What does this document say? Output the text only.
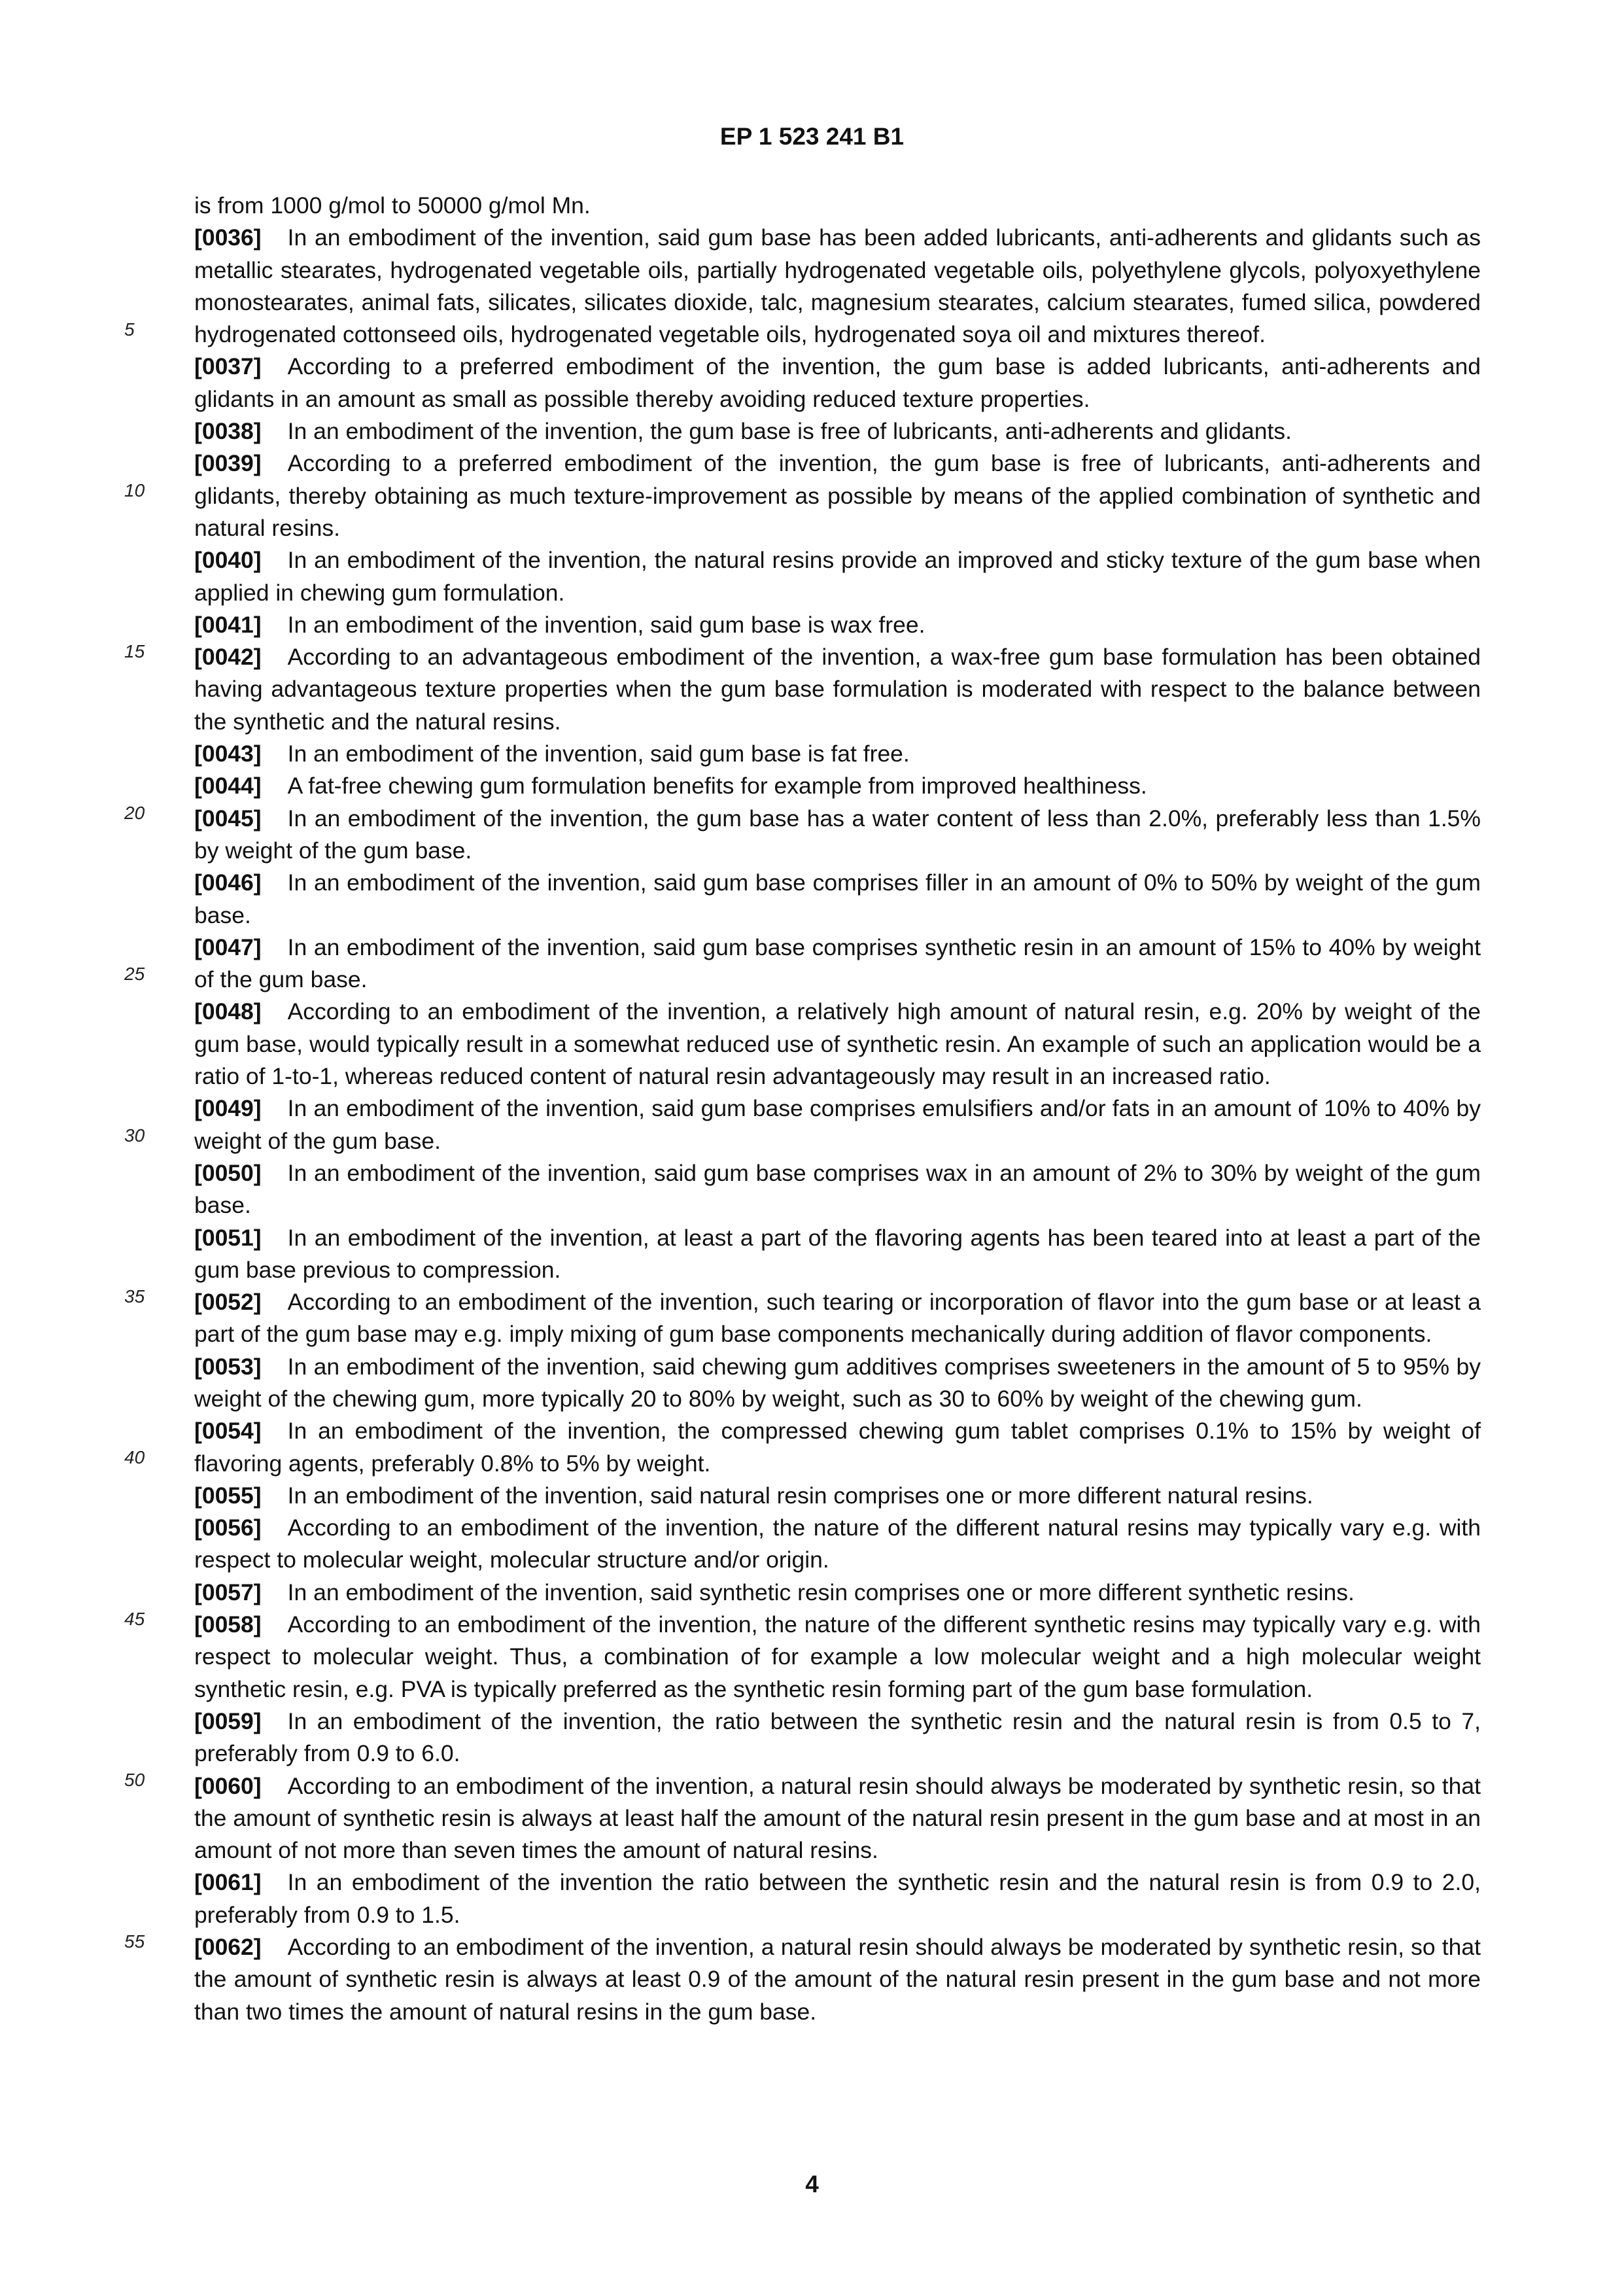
EP 1 523 241 B1
5
10
15
20
25
30
35
40
45
50
55

is from 1000 g/mol to 50000 g/mol Mn.

[0036] In an embodiment of the invention, said gum base has been added lubricants, anti-adherents and glidants such as metallic stearates, hydrogenated vegetable oils, partially hydrogenated vegetable oils, polyethylene glycols, polyoxyethylene monostearates, animal fats, silicates, silicates dioxide, talc, magnesium stearates, calcium stearates, fumed silica, powdered hydrogenated cottonseed oils, hydrogenated vegetable oils, hydrogenated soya oil and mixtures thereof.

[0037] According to a preferred embodiment of the invention, the gum base is added lubricants, anti-adherents and glidants in an amount as small as possible thereby avoiding reduced texture properties.

[0038] In an embodiment of the invention, the gum base is free of lubricants, anti-adherents and glidants.

[0039] According to a preferred embodiment of the invention, the gum base is free of lubricants, anti-adherents and glidants, thereby obtaining as much texture-improvement as possible by means of the applied combination of synthetic and natural resins.

[0040] In an embodiment of the invention, the natural resins provide an improved and sticky texture of the gum base when applied in chewing gum formulation.

[0041] In an embodiment of the invention, said gum base is wax free.

[0042] According to an advantageous embodiment of the invention, a wax-free gum base formulation has been obtained having advantageous texture properties when the gum base formulation is moderated with respect to the balance between the synthetic and the natural resins.

[0043] In an embodiment of the invention, said gum base is fat free.

[0044] A fat-free chewing gum formulation benefits for example from improved healthiness.

[0045] In an embodiment of the invention, the gum base has a water content of less than 2.0%, preferably less than 1.5% by weight of the gum base.

[0046] In an embodiment of the invention, said gum base comprises filler in an amount of 0% to 50% by weight of the gum base.

[0047] In an embodiment of the invention, said gum base comprises synthetic resin in an amount of 15% to 40% by weight of the gum base.

[0048] According to an embodiment of the invention, a relatively high amount of natural resin, e.g. 20% by weight of the gum base, would typically result in a somewhat reduced use of synthetic resin. An example of such an application would be a ratio of 1-to-1, whereas reduced content of natural resin advantageously may result in an increased ratio.

[0049] In an embodiment of the invention, said gum base comprises emulsifiers and/or fats in an amount of 10% to 40% by weight of the gum base.

[0050] In an embodiment of the invention, said gum base comprises wax in an amount of 2% to 30% by weight of the gum base.

[0051] In an embodiment of the invention, at least a part of the flavoring agents has been teared into at least a part of the gum base previous to compression.

[0052] According to an embodiment of the invention, such tearing or incorporation of flavor into the gum base or at least a part of the gum base may e.g. imply mixing of gum base components mechanically during addition of flavor components.

[0053] In an embodiment of the invention, said chewing gum additives comprises sweeteners in the amount of 5 to 95% by weight of the chewing gum, more typically 20 to 80% by weight, such as 30 to 60% by weight of the chewing gum.

[0054] In an embodiment of the invention, the compressed chewing gum tablet comprises 0.1% to 15% by weight of flavoring agents, preferably 0.8% to 5% by weight.

[0055] In an embodiment of the invention, said natural resin comprises one or more different natural resins.

[0056] According to an embodiment of the invention, the nature of the different natural resins may typically vary e.g. with respect to molecular weight, molecular structure and/or origin.

[0057] In an embodiment of the invention, said synthetic resin comprises one or more different synthetic resins.

[0058] According to an embodiment of the invention, the nature of the different synthetic resins may typically vary e.g. with respect to molecular weight. Thus, a combination of for example a low molecular weight and a high molecular weight synthetic resin, e.g. PVA is typically preferred as the synthetic resin forming part of the gum base formulation.

[0059] In an embodiment of the invention, the ratio between the synthetic resin and the natural resin is from 0.5 to 7, preferably from 0.9 to 6.0.

[0060] According to an embodiment of the invention, a natural resin should always be moderated by synthetic resin, so that the amount of synthetic resin is always at least half the amount of the natural resin present in the gum base and at most in an amount of not more than seven times the amount of natural resins.

[0061] In an embodiment of the invention the ratio between the synthetic resin and the natural resin is from 0.9 to 2.0, preferably from 0.9 to 1.5.

[0062] According to an embodiment of the invention, a natural resin should always be moderated by synthetic resin, so that the amount of synthetic resin is always at least 0.9 of the amount of the natural resin present in the gum base and not more than two times the amount of natural resins in the gum base.

4
